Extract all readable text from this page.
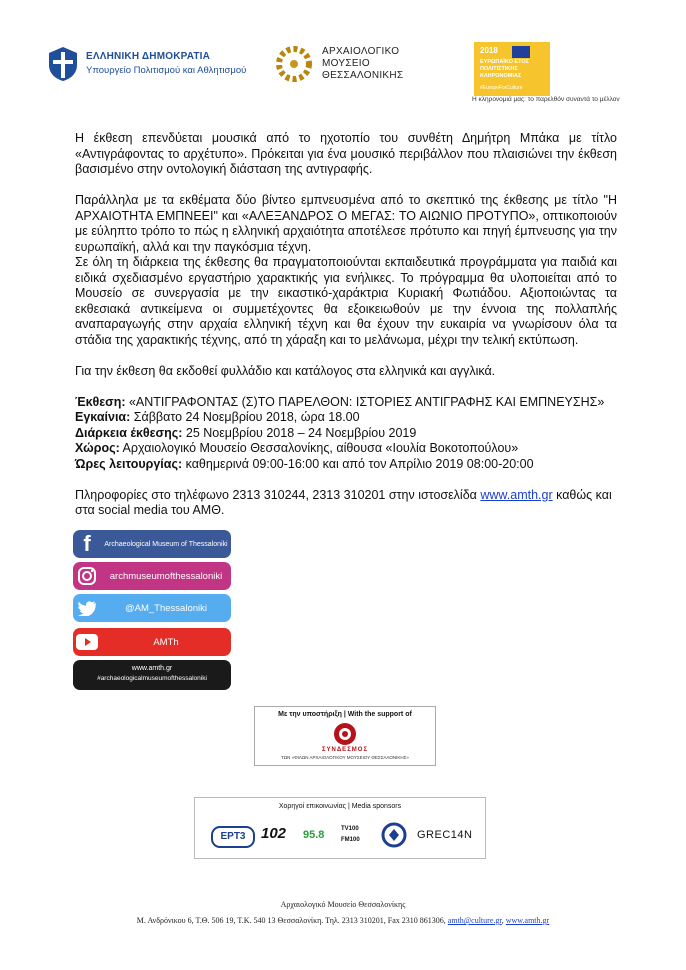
ΕΛΛΗΝΙΚΗ ΔΗΜΟΚΡΑΤΙΑ
Υπουργείο Πολιτισμού και Αθλητισμού
ΑΡΧΑΙΟΛΟΓΙΚΟ
ΜΟΥΣΕΙΟ
ΘΕΣΣΑΛΟΝΙΚΗΣ
2018
ΕΥΡΩΠΑΪΚΟ ΕΤΟΣ
ΠΟΛΙΤΙΣΤΙΚΗΣ
ΚΛΗΡΟΝΟΜΙΑΣ
#EuropeForCulture
Η κληρονομιά μας: το παρελθόν συναντά το μέλλον

Η έκθεση επενδύεται μουσικά από το ηχοτοπίο του συνθέτη Δημήτρη Μπάκα με τίτλο «Αντιγράφοντας το αρχέτυπο». Πρόκειται για ένα μουσικό περιβάλλον που πλαισιώνει την έκθεση βασισμένο στην οντολογική διάσταση της αντιγραφής.

Παράλληλα με τα εκθέματα δύο βίντεο εμπνευσμένα από το σκεπτικό της έκθεσης με τίτλο "Η ΑΡΧΑΙΟΤΗΤΑ ΕΜΠΝΕΕΙ" και «ΑΛΕΞΑΝΔΡΟΣ Ο ΜΕΓΑΣ: ΤΟ ΑΙΩΝΙΟ ΠΡΟΤΥΠΟ», οπτικοποιούν με εύληπτο τρόπο το πώς η ελληνική αρχαιότητα αποτέλεσε πρότυπο και πηγή έμπνευσης για την ευρωπαϊκή, αλλά και την παγκόσμια τέχνη.

Σε όλη τη διάρκεια της έκθεσης θα πραγματοποιούνται εκπαιδευτικά προγράμματα για παιδιά και ειδικά σχεδιασμένο εργαστήριο χαρακτικής για ενήλικες. Το πρόγραμμα θα υλοποιείται από το Μουσείο σε συνεργασία με την εικαστικό-χαράκτρια Κυριακή Φωτιάδου. Αξιοποιώντας τα εκθεσιακά αντικείμενα οι συμμετέχοντες θα εξοικειωθούν με την έννοια της πολλαπλής αναπαραγωγής στην αρχαία ελληνική τέχνη και θα έχουν την ευκαιρία να γνωρίσουν όλα τα στάδια της χαρακτικής τέχνης, από τη χάραξη και το μελάνωμα, μέχρι την τελική εκτύπωση.

Για την έκθεση θα εκδοθεί φυλλάδιο και κατάλογος στα ελληνικά και αγγλικά.

Έκθεση: «ΑΝΤΙΓΡΑΦΟΝΤΑΣ (Σ)ΤΟ ΠΑΡΕΛΘΟΝ: ΙΣΤΟΡΙΕΣ ΑΝΤΙΓΡΑΦΗΣ ΚΑΙ ΕΜΠΝΕΥΣΗΣ»

Εγκαίνια: Σάββατο 24 Νοεμβρίου 2018, ώρα 18.00

Διάρκεια έκθεσης: 25 Νοεμβρίου 2018 – 24 Νοεμβρίου 2019

Χώρος: Αρχαιολογικό Μουσείο Θεσσαλονίκης, αίθουσα «Ιουλία Βοκοτοπούλου»

Ώρες λειτουργίας: καθημερινά 09:00-16:00 και από τον Απρίλιο 2019 08:00-20:00

Πληροφορίες στο τηλέφωνο 2313 310244, 2313 310201 στην ιστοσελίδα www.amth.gr καθώς και στα social media του ΑΜΘ.

f	Archaeological Museum of Thessaloniki
archmuseumofthessaloniki
@AM_Thessaloniki
AMTh
www.amth.gr
#archaeologicalmuseumofthessaloniki
Με την υποστήριξη | With the support of
ΣΥΝΔΕΣΜΟΣ
ΤΩΝ «ΦΙΛΩΝ ΑΡΧΑΙΟΛΟΓΙΚΟΥ ΜΟΥΣΕΙΟΥ ΘΕΣΣΑΛΟΝΙΚΗΣ»
Χορηγοί επικοινωνίας | Media sponsors
ΕΡΤ3	102	95.8	TV100
FM100	GREC14N
Αρχαιολογικό Μουσείο Θεσσαλονίκης
Μ. Ανδρόνικου 6, Τ.Θ. 506 19, Τ.Κ. 540 13 Θεσσαλονίκη. Τηλ. 2313 310201, Fax 2310 861306, amth@culture.gr, www.amth.gr
